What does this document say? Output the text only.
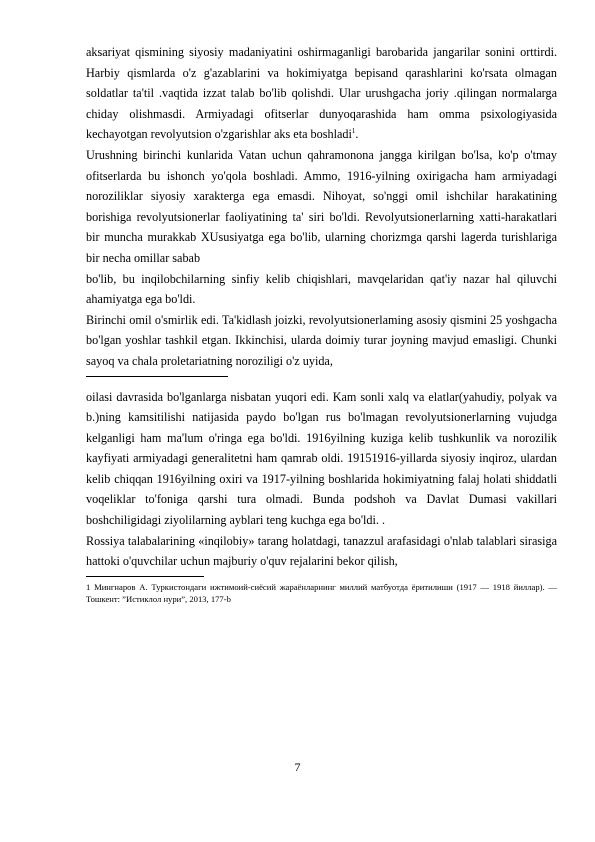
aksariyat qismining siyosiy madaniyatini oshirmaganligi barobarida jangarilar sonini orttirdi. Harbiy qismlarda o'z g'azablarini va hokimiyatga bepisand qarashlarini ko'rsata olmagan soldatlar ta'til .vaqtida izzat talab bo'lib qolishdi. Ular urushgacha joriy .qilingan normalarga chiday olishmasdi. Armiyadagi ofitserlar dunyoqarashida ham omma psixologiyasida kechayotgan revolyutsion o'zgarishlar aks eta boshladi$^1$.

Urushning birinchi kunlarida Vatan uchun qahramonona jangga kirilgan bo'lsa, ko'p o'tmay ofitserlarda bu ishonch yo'qola boshladi. Ammo, 1916-yilning oxirigacha ham armiyadagi noroziliklar siyosiy xarakterga ega emasdi. Nihoyat, so'nggi omil ishchilar harakatining borishiga revolyutsionerlar faoliyatining ta' siri bo'ldi. Revolyutsionerlarning xatti-harakatlari bir muncha murakkab XUsusiyatga ega bo'lib, ularning chorizmga qarshi lagerda turishlariga bir necha omillar sabab

bo'lib, bu inqilobchilarning sinfiy kelib chiqishlari, mavqelaridan qat'iy nazar hal qiluvchi ahamiyatga ega bo'ldi.

Birinchi omil o'smirlik edi. Ta'kidlash joizki, revolyutsionerlaming asosiy qismini 25 yoshgacha bo'lgan yoshlar tashkil etgan. Ikkinchisi, ularda doimiy turar joyning mavjud emasligi. Chunki sayoq va chala proletariatning noroziligi o'z uyida,

oilasi davrasida bo'lganlarga nisbatan yuqori edi. Kam sonli xalq va elatlar(yahudiy, polyak va b.)ning kamsitilishi natijasida paydo bo'lgan rus bo'lmagan revolyutsionerlarning vujudga kelganligi ham ma'lum o'ringa ega bo'ldi. 1916yilning kuziga kelib tushkunlik va norozilik kayfiyati armiyadagi generalitetni ham qamrab oldi. 19151916-yillarda siyosiy inqiroz, ulardan kelib chiqqan 1916yilning oxiri va 1917-yilning boshlarida hokimiyatning falaj holati shiddatli voqeliklar to'foniga qarshi tura olmadi. Bunda podshoh va Davlat Dumasi vakillari boshchiligidagi ziyolilarning ayblari teng kuchga ega bo'ldi. .

Rossiya talabalarining «inqilobiy» tarang holatdagi, tanazzul arafasidagi o'nlab talablari sirasiga hattoki o'quvchilar uchun majburiy o'quv rejalarini bekor qilish,

1 Мингнаров А. Туркистондаги ижтимоий-сиёсий жараёнларнинг миллий матбуотда ёритилиши (1917 — 1918 йиллар). —Тошкент: ”Истиклол нури”, 2013, 177-b

7
